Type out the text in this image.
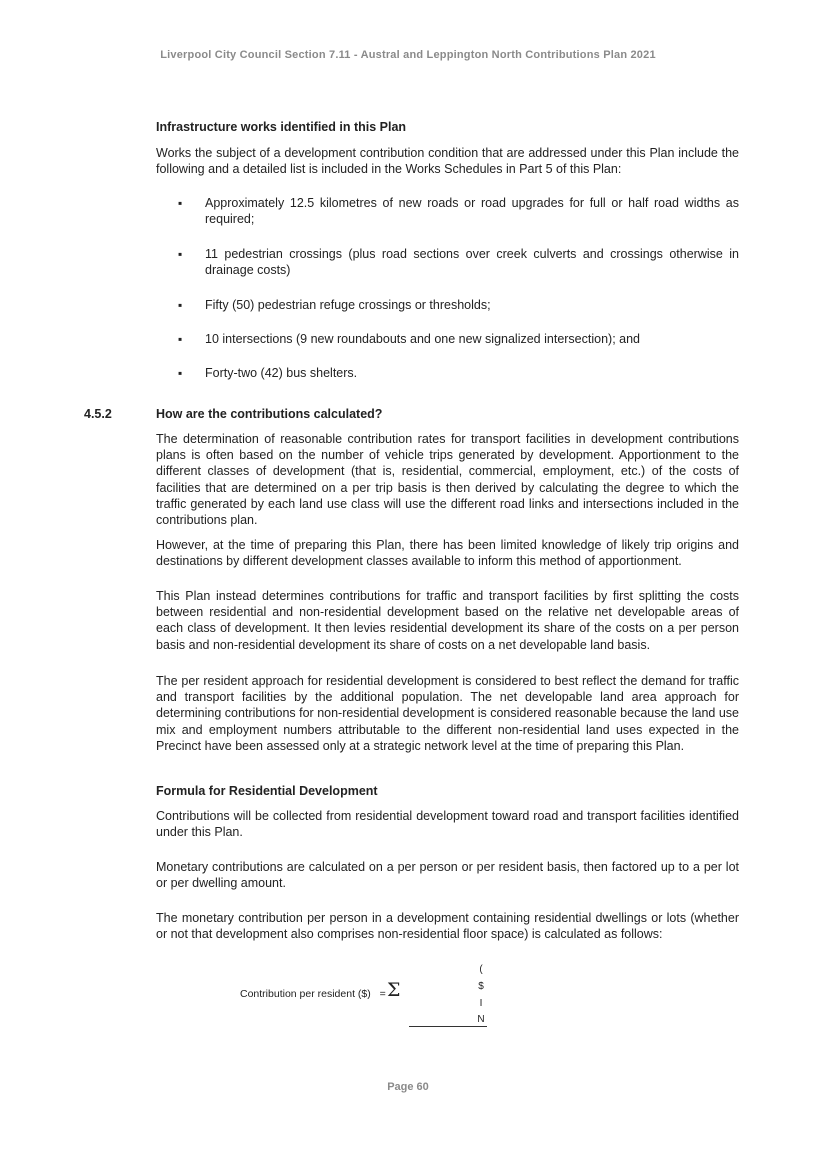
Liverpool City Council Section 7.11 - Austral and Leppington North Contributions Plan 2021
Infrastructure works identified in this Plan
Works the subject of a development contribution condition that are addressed under this Plan include the following and a detailed list is included in the Works Schedules in Part 5 of this Plan:
▪ Approximately 12.5 kilometres of new roads or road upgrades for full or half road widths as required;
▪ 11 pedestrian crossings (plus road sections over creek culverts and crossings otherwise in drainage costs)
▪ Fifty (50) pedestrian refuge crossings or thresholds;
▪ 10 intersections (9 new roundabouts and one new signalized intersection); and
▪ Forty-two (42) bus shelters.
4.5.2	How are the contributions calculated?
The determination of reasonable contribution rates for transport facilities in development contributions plans is often based on the number of vehicle trips generated by development. Apportionment to the different classes of development (that is, residential, commercial, employment, etc.) of the costs of facilities that are determined on a per trip basis is then derived by calculating the degree to which the traffic generated by each land use class will use the different road links and intersections included in the contributions plan.
However, at the time of preparing this Plan, there has been limited knowledge of likely trip origins and destinations by different development classes available to inform this method of apportionment.
This Plan instead determines contributions for traffic and transport facilities by first splitting the costs between residential and non-residential development based on the relative net developable areas of each class of development. It then levies residential development its share of the costs on a per person basis and non-residential development its share of costs on a net developable land basis.
The per resident approach for residential development is considered to best reflect the demand for traffic and transport facilities by the additional population. The net developable land area approach for determining contributions for non-residential development is considered reasonable because the land use mix and employment numbers attributable to the different non-residential land uses expected in the Precinct have been assessed only at a strategic network level at the time of preparing this Plan.
Formula for Residential Development
Contributions will be collected from residential development toward road and transport facilities identified under this Plan.
Monetary contributions are calculated on a per person or per resident basis, then factored up to a per lot or per dwelling amount.
The monetary contribution per person in a development containing residential dwellings or lots (whether or not that development also comprises non-residential floor space) is calculated as follows:
Contribution per resident ($) = Σ
(
$
I
N
Page 60
